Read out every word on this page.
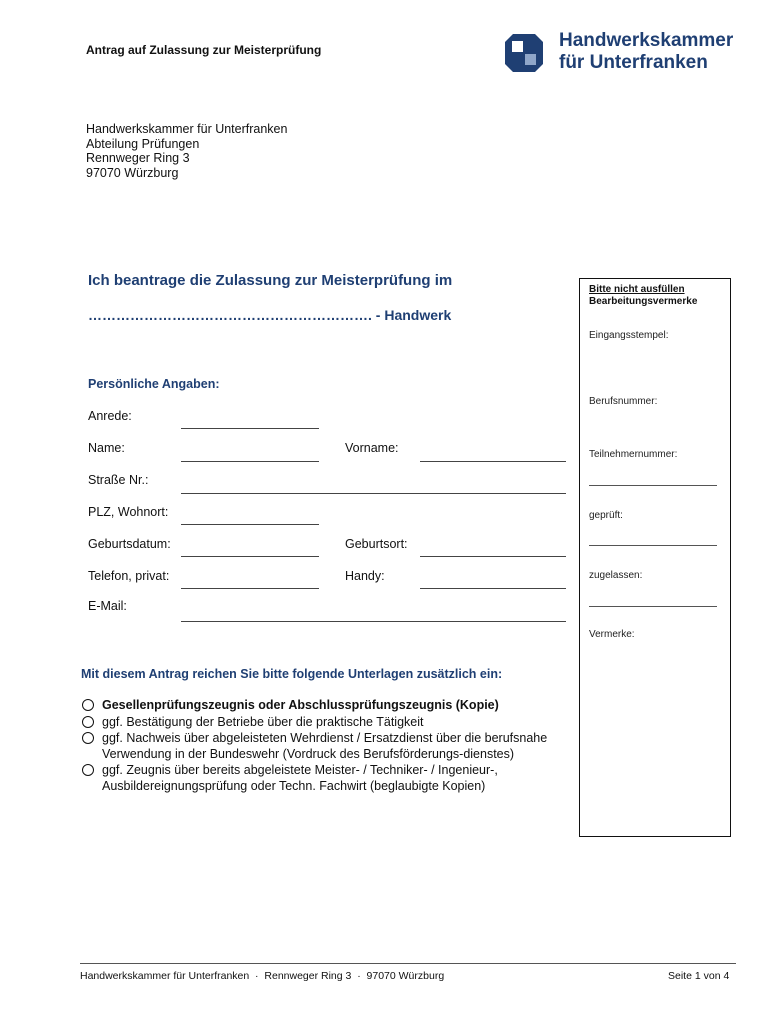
Antrag auf Zulassung zur Meisterprüfung	Handwerkskammer
für Unterfranken
Handwerkskammer für Unterfranken
Abteilung Prüfungen
Rennweger Ring 3
97070 Würzburg
Ich beantrage die Zulassung zur Meisterprüfung im
……………………………………………………. - Handwerk
Persönliche Angaben:
Anrede:
Name:	Vorname:
Straße Nr.:
PLZ, Wohnort:
Geburtsdatum:	Geburtsort:
Telefon, privat:	Handy:
E-Mail:
Mit diesem Antrag reichen Sie bitte folgende Unterlagen zusätzlich ein:
Gesellenprüfungszeugnis oder Abschlussprüfungszeugnis (Kopie)
ggf. Bestätigung der Betriebe über die praktische Tätigkeit
ggf. Nachweis über abgeleisteten Wehrdienst / Ersatzdienst über die berufsnahe Verwendung in der Bundeswehr (Vordruck des Berufsförderungs-dienstes)
ggf. Zeugnis über bereits abgeleistete Meister- / Techniker- / Ingenieur-, Ausbildereignungsprüfung oder Techn. Fachwirt (beglaubigte Kopien)
Bitte nicht ausfüllen
Bearbeitungsvermerke
Eingangsstempel:
Berufsnummer:
Teilnehmernummer:
geprüft:
zugelassen:
Vermerke:
Handwerkskammer für Unterfranken  ·  Rennweger Ring 3  ·  97070 Würzburg	Seite 1 von 4
